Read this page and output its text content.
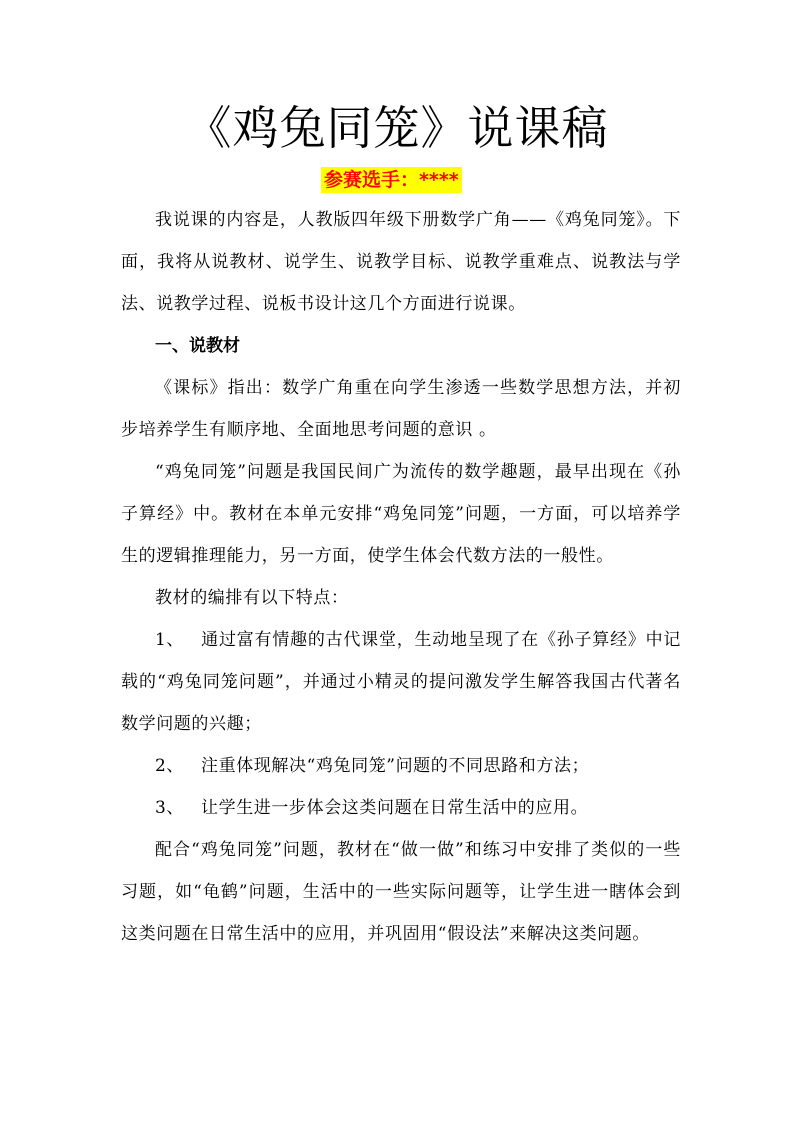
《鸡兔同笼》说课稿
参赛选手：****

我说课的内容是，人教版四年级下册数学广角——《鸡兔同笼》。下面，我将从说教材、说学生、说教学目标、说教学重难点、说教法与学法、说教学过程、说板书设计这几个方面进行说课。

一、说教材

《课标》指出：数学广角重在向学生渗透一些数学思想方法，并初步培养学生有顺序地、全面地思考问题的意识 。

“鸡兔同笼”问题是我国民间广为流传的数学趣题，最早出现在《孙子算经》中。教材在本单元安排“鸡兔同笼”问题，一方面，可以培养学生的逻辑推理能力，另一方面，使学生体会代数方法的一般性。

教材的编排有以下特点：

1、 通过富有情趣的古代课堂，生动地呈现了在《孙子算经》中记载的“鸡兔同笼问题”，并通过小精灵的提问激发学生解答我国古代著名数学问题的兴趣；

2、 注重体现解决“鸡兔同笼”问题的不同思路和方法；

3、 让学生进一步体会这类问题在日常生活中的应用。

配合“鸡兔同笼”问题，教材在“做一做”和练习中安排了类似的一些习题，如“龟鹤”问题，生活中的一些实际问题等，让学生进一瞎体会到这类问题在日常生活中的应用，并巩固用“假设法”来解决这类问题。
